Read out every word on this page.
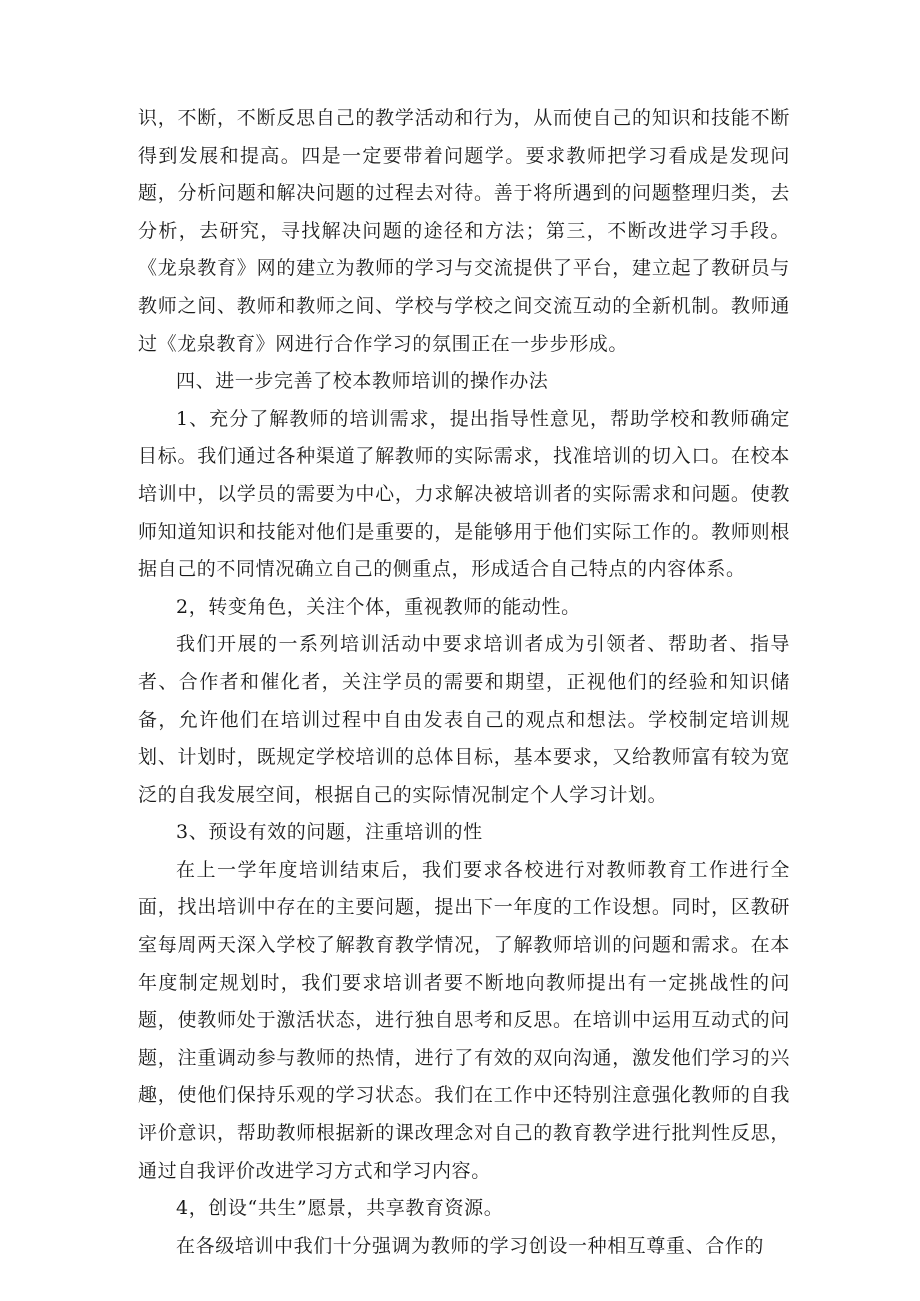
识，不断，不断反思自己的教学活动和行为，从而使自己的知识和技能不断得到发展和提高。四是一定要带着问题学。要求教师把学习看成是发现问题，分析问题和解决问题的过程去对待。善于将所遇到的问题整理归类，去分析，去研究，寻找解决问题的途径和方法；第三，不断改进学习手段。《龙泉教育》网的建立为教师的学习与交流提供了平台，建立起了教研员与教师之间、教师和教师之间、学校与学校之间交流互动的全新机制。教师通过《龙泉教育》网进行合作学习的氛围正在一步步形成。

四、进一步完善了校本教师培训的操作办法

1、充分了解教师的培训需求，提出指导性意见，帮助学校和教师确定目标。我们通过各种渠道了解教师的实际需求，找准培训的切入口。在校本培训中，以学员的需要为中心，力求解决被培训者的实际需求和问题。使教师知道知识和技能对他们是重要的，是能够用于他们实际工作的。教师则根据自己的不同情况确立自己的侧重点，形成适合自己特点的内容体系。

2，转变角色，关注个体，重视教师的能动性。

我们开展的一系列培训活动中要求培训者成为引领者、帮助者、指导者、合作者和催化者，关注学员的需要和期望，正视他们的经验和知识储备，允许他们在培训过程中自由发表自己的观点和想法。学校制定培训规划、计划时，既规定学校培训的总体目标，基本要求，又给教师富有较为宽泛的自我发展空间，根据自己的实际情况制定个人学习计划。

3、预设有效的问题，注重培训的性

在上一学年度培训结束后，我们要求各校进行对教师教育工作进行全面，找出培训中存在的主要问题，提出下一年度的工作设想。同时，区教研室每周两天深入学校了解教育教学情况，了解教师培训的问题和需求。在本年度制定规划时，我们要求培训者要不断地向教师提出有一定挑战性的问题，使教师处于激活状态，进行独自思考和反思。在培训中运用互动式的问题，注重调动参与教师的热情，进行了有效的双向沟通，激发他们学习的兴趣，使他们保持乐观的学习状态。我们在工作中还特别注意强化教师的自我评价意识，帮助教师根据新的课改理念对自己的教育教学进行批判性反思，通过自我评价改进学习方式和学习内容。

4，创设“共生”愿景，共享教育资源。

在各级培训中我们十分强调为教师的学习创设一种相互尊重、合作的
